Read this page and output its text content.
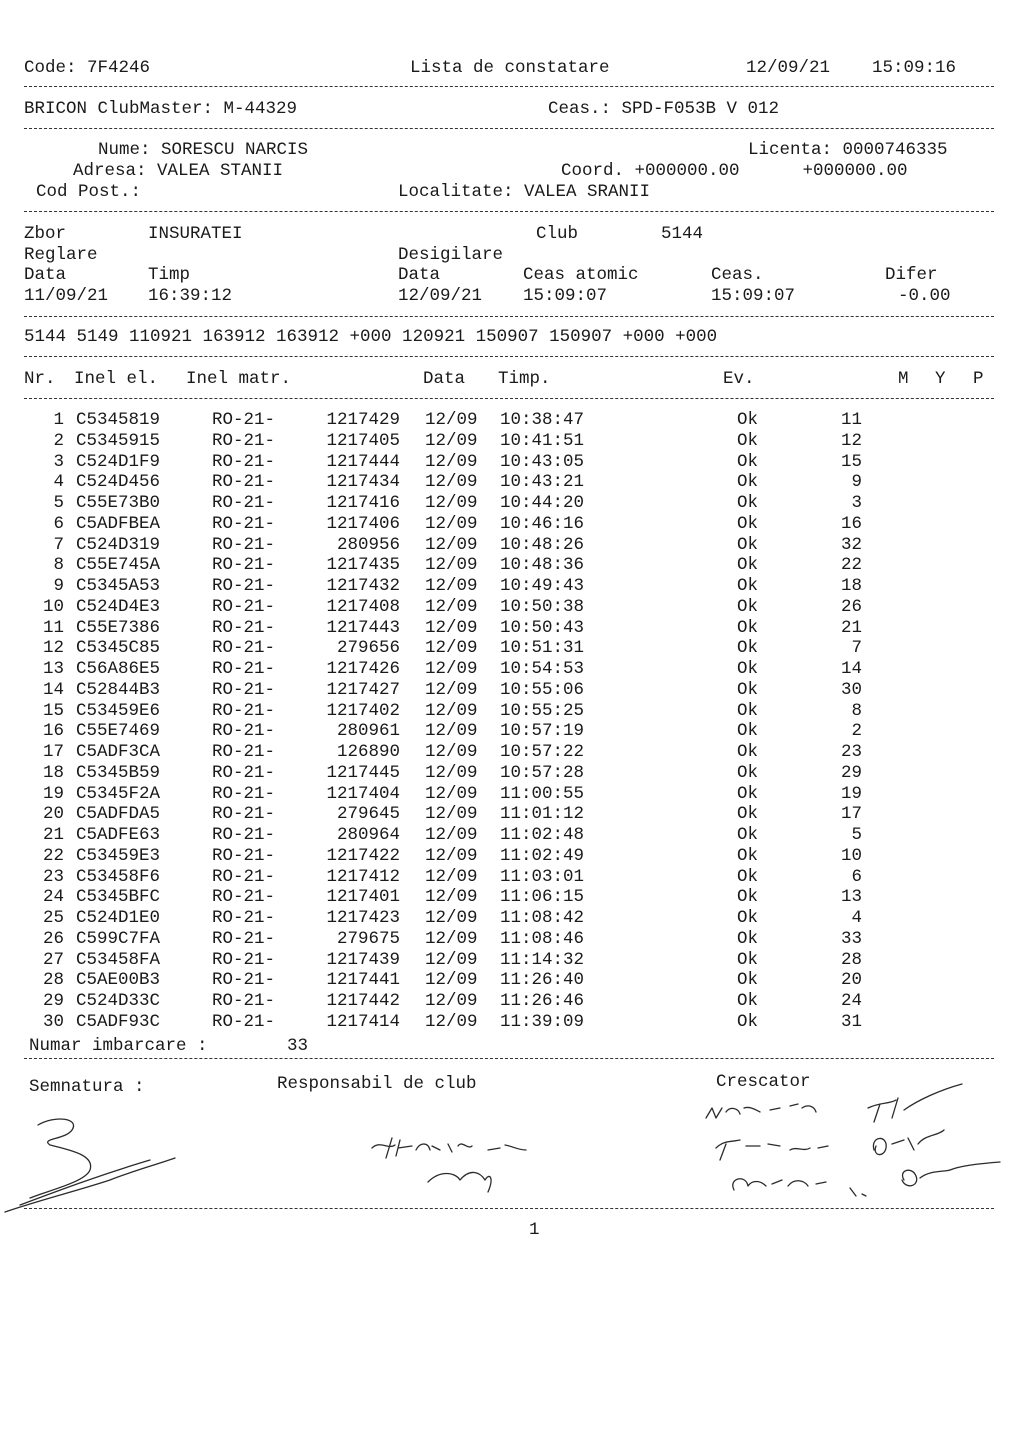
Code: 7F4246	Lista de constatare	12/09/21 15:09:16
BRICON ClubMaster: M-44329	Ceas.: SPD-F053B V 012
Nume: SORESCU NARCIS	Licenta: 0000746335
Adresa: VALEA STANII	Coord. +000000.00      +000000.00
Cod Post.:	Localitate: VALEA SRANII
Zbor	INSURATEI	Club	5144
Reglare	Desigilare
Data	Timp	Data	Ceas atomic	Ceas.	Difer
11/09/21 16:39:12	12/09/21 15:09:07	15:09:07	-0.00
5144 5149 110921 163912 163912 +000 120921 150907 150907 +000 +000
Nr. Inel el. Inel matr.	Data Timp.	Ev.	M Y P
1 C5345819	RO-21-	1217429 12/09	10:38:47	Ok	11
2 C5345915	RO-21-	1217405 12/09	10:41:51	Ok	12
3 C524D1F9	RO-21-	1217444 12/09	10:43:05	Ok	15
4 C524D456	RO-21-	1217434 12/09	10:43:21	Ok	9
5 C55E73B0	RO-21-	1217416 12/09	10:44:20	Ok	3
6 C5ADFBEA	RO-21-	1217406 12/09	10:46:16	Ok	16
7 C524D319	RO-21-	280956 12/09	10:48:26	Ok	32
8 C55E745A	RO-21-	1217435 12/09	10:48:36	Ok	22
9 C5345A53	RO-21-	1217432 12/09	10:49:43	Ok	18
10 C524D4E3	RO-21-	1217408 12/09	10:50:38	Ok	26
11 C55E7386	RO-21-	1217443 12/09	10:50:43	Ok	21
12 C5345C85	RO-21-	279656 12/09	10:51:31	Ok	7
13 C56A86E5	RO-21-	1217426 12/09	10:54:53	Ok	14
14 C52844B3	RO-21-	1217427 12/09	10:55:06	Ok	30
15 C53459E6	RO-21-	1217402 12/09	10:55:25	Ok	8
16 C55E7469	RO-21-	280961 12/09	10:57:19	Ok	2
17 C5ADF3CA	RO-21-	126890 12/09	10:57:22	Ok	23
18 C5345B59	RO-21-	1217445 12/09	10:57:28	Ok	29
19 C5345F2A	RO-21-	1217404 12/09	11:00:55	Ok	19
20 C5ADFDA5	RO-21-	279645 12/09	11:01:12	Ok	17
21 C5ADFE63	RO-21-	280964 12/09	11:02:48	Ok	5
22 C53459E3	RO-21-	1217422 12/09	11:02:49	Ok	10
23 C53458F6	RO-21-	1217412 12/09	11:03:01	Ok	6
24 C5345BFC	RO-21-	1217401 12/09	11:06:15	Ok	13
25 C524D1E0	RO-21-	1217423 12/09	11:08:42	Ok	4
26 C599C7FA	RO-21-	279675 12/09	11:08:46	Ok	33
27 C53458FA	RO-21-	1217439 12/09	11:14:32	Ok	28
28 C5AE00B3	RO-21-	1217441 12/09	11:26:40	Ok	20
29 C524D33C	RO-21-	1217442 12/09	11:26:46	Ok	24
30 C5ADF93C	RO-21-	1217414 12/09	11:39:09	Ok	31
Numar imbarcare :	33
Semnatura :	Responsabil de club	Crescator
1
